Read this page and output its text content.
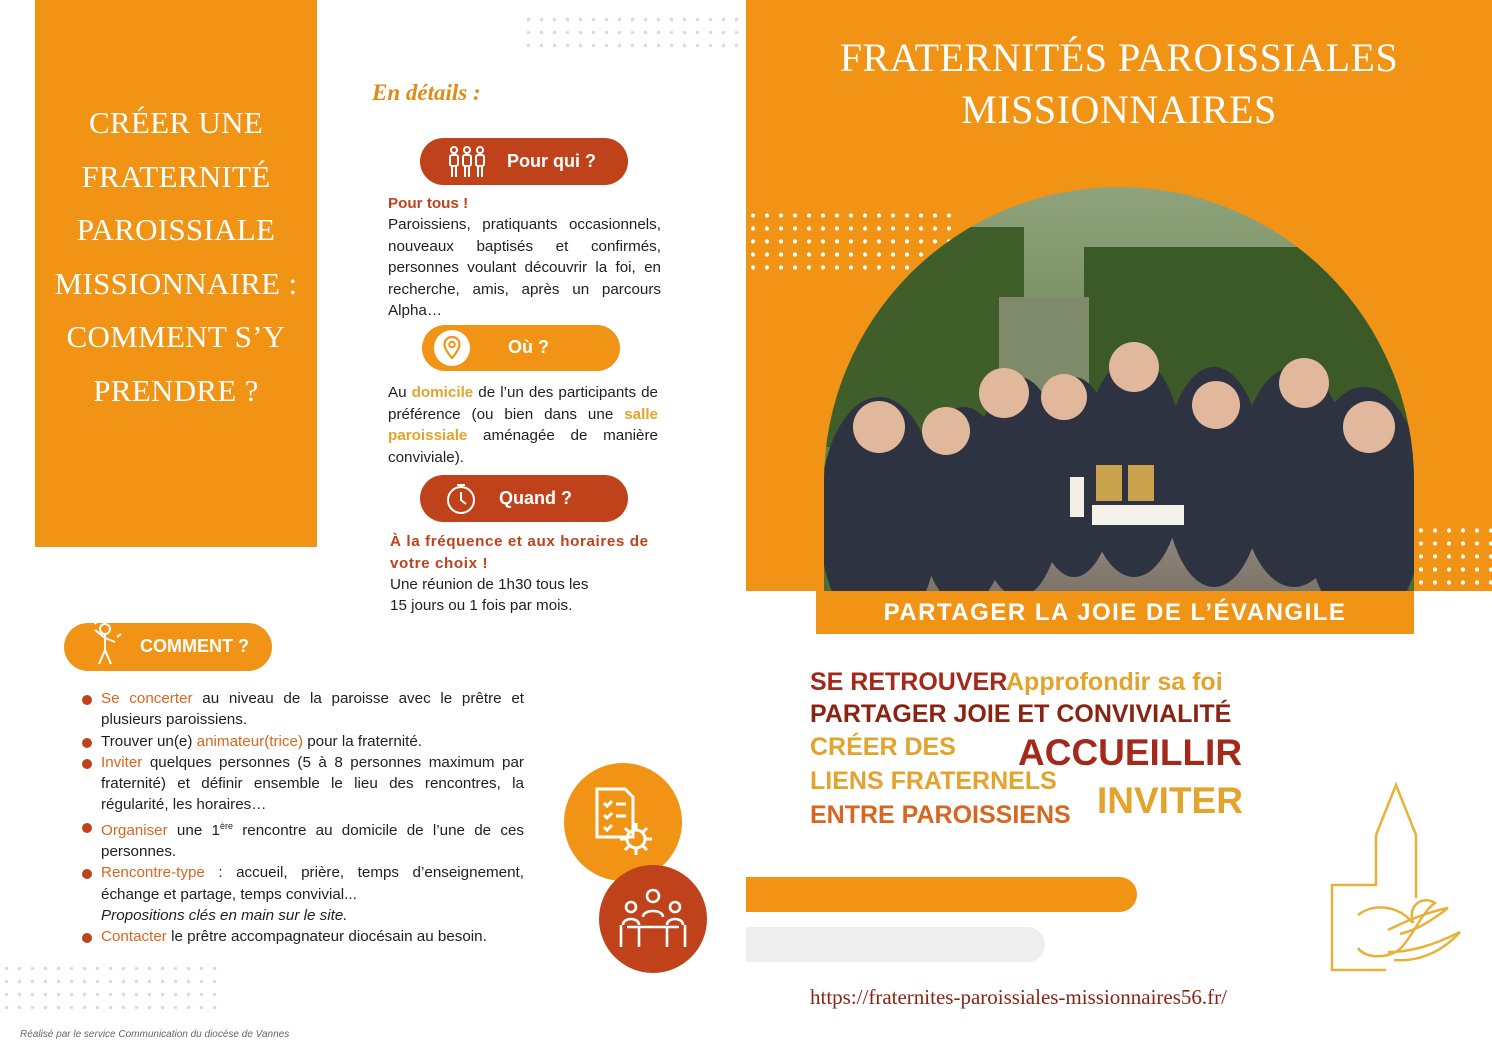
CRÉER UNE
FRATERNITÉ
PAROISSIALE
MISSIONNAIRE :
COMMENT S’Y
PRENDRE ?
En détails :
Pour qui ?
Pour tous !
Paroissiens, pratiquants occasionnels, nouveaux baptisés et confirmés, personnes voulant découvrir la foi, en recherche, amis, après un parcours Alpha…
Où ?
Au domicile de l’un des participants de préférence (ou bien dans une salle paroissiale aménagée de manière conviviale).
Quand ?
À la fréquence et aux horaires de votre choix !
Une réunion de 1h30 tous les
15 jours ou 1 fois par mois.
COMMENT ?
Se concerter au niveau de la paroisse avec le prêtre et plusieurs paroissiens.
Trouver un(e) animateur(trice) pour la fraternité.
Inviter quelques personnes (5 à 8 personnes maximum par fraternité) et définir ensemble le lieu des rencontres, la régularité, les horaires…
Organiser une 1ère rencontre au domicile de l’une de ces personnes.
Rencontre-type : accueil, prière, temps d’enseignement, échange et partage, temps convivial...
Propositions clés en main sur le site.
Contacter le prêtre accompagnateur diocésain au besoin.
Réalisé par le service Communication du diocèse de Vannes
FRATERNITÉS PAROISSIALES
MISSIONNAIRES
PARTAGER LA JOIE DE L’ÉVANGILE
SE RETROUVER
Approfondir sa foi
PARTAGER JOIE ET CONVIVIALITÉ
CRÉER DES
LIENS FRATERNELS
ENTRE PAROISSIENS
ACCUEILLIR
INVITER
https://fraternites-paroissiales-missionnaires56.fr/
